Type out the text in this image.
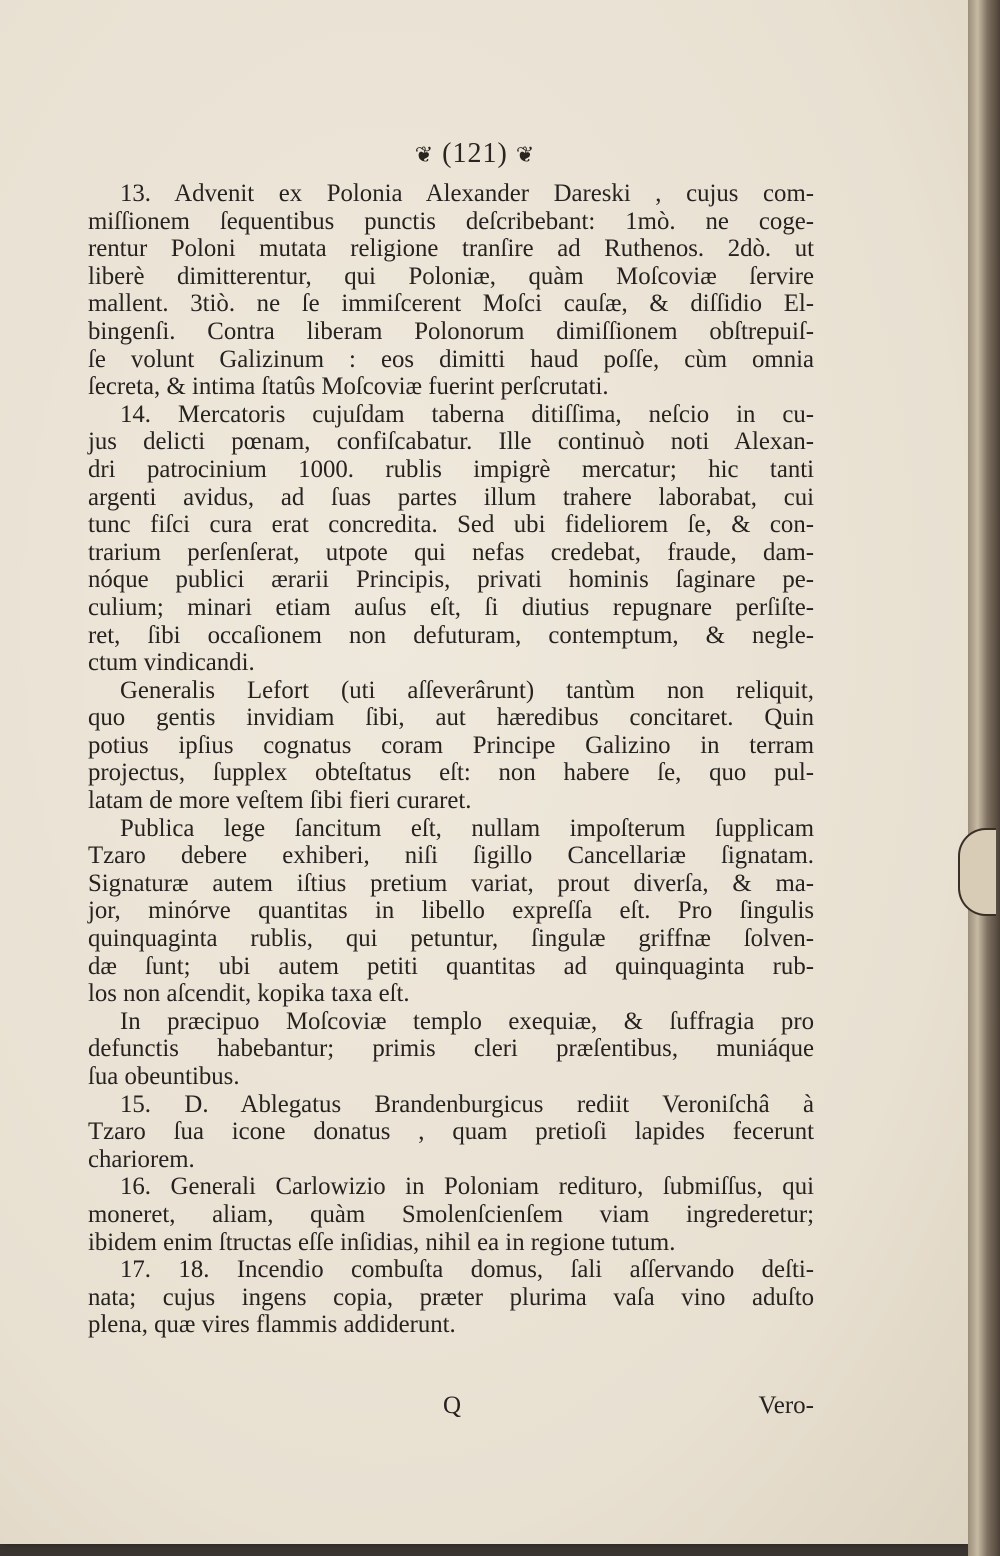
❦ (121) ❦
13. Advenit ex Polonia Alexander Dareski , cujus com-
miſſionem ſequentibus punctis deſcribebant: 1mò. ne coge-
rentur Poloni mutata religione tranſire ad Ruthenos. 2dò. ut
liberè dimitterentur, qui Poloniæ, quàm Moſcoviæ ſervire
mallent. 3tiò. ne ſe immiſcerent Moſci cauſæ, & diſſidio El-
bingenſi. Contra liberam Polonorum dimiſſionem obſtrepuiſ-
ſe volunt Galizinum : eos dimitti haud poſſe, cùm omnia
ſecreta, & intima ſtatûs Moſcoviæ fuerint perſcrutati.
14. Mercatoris cujuſdam taberna ditiſſima, neſcio in cu-
jus delicti pœnam, confiſcabatur. Ille continuò noti Alexan-
dri patrocinium 1000. rublis impigrè mercatur; hic tanti
argenti avidus, ad ſuas partes illum trahere laborabat, cui
tunc fiſci cura erat concredita. Sed ubi fideliorem ſe, & con-
trarium perſenſerat, utpote qui nefas credebat, fraude, dam-
nóque publici ærarii Principis, privati hominis ſaginare pe-
culium; minari etiam auſus eſt, ſi diutius repugnare perſiſte-
ret, ſibi occaſionem non defuturam, contemptum, & negle-
ctum vindicandi.
Generalis Lefort (uti aſſeverârunt) tantùm non reliquit,
quo gentis invidiam ſibi, aut hæredibus concitaret. Quin
potius ipſius cognatus coram Principe Galizino in terram
projectus, ſupplex obteſtatus eſt: non habere ſe, quo pul-
latam de more veſtem ſibi fieri curaret.
Publica lege ſancitum eſt, nullam impoſterum ſupplicam
Tzaro debere exhiberi, niſi ſigillo Cancellariæ ſignatam.
Signaturæ autem iſtius pretium variat, prout diverſa, & ma-
jor, minórve quantitas in libello expreſſa eſt. Pro ſingulis
quinquaginta rublis, qui petuntur, ſingulæ griffnæ ſolven-
dæ ſunt; ubi autem petiti quantitas ad quinquaginta rub-
los non aſcendit, kopika taxa eſt.
In præcipuo Moſcoviæ templo exequiæ, & ſuffragia pro
defunctis habebantur; primis cleri præſentibus, muniáque
ſua obeuntibus.
15. D. Ablegatus Brandenburgicus rediit Veroniſchâ à
Tzaro ſua icone donatus , quam pretioſi lapides fecerunt
chariorem.
16. Generali Carlowizio in Poloniam redituro, ſubmiſſus, qui
moneret, aliam, quàm Smolenſcienſem viam ingrederetur;
ibidem enim ſtructas eſſe inſidias, nihil ea in regione tutum.
17. 18. Incendio combuſta domus, ſali aſſervando deſti-
nata; cujus ingens copia, præter plurima vaſa vino aduſto
plena, quæ vires flammis addiderunt.
Q	Vero-
